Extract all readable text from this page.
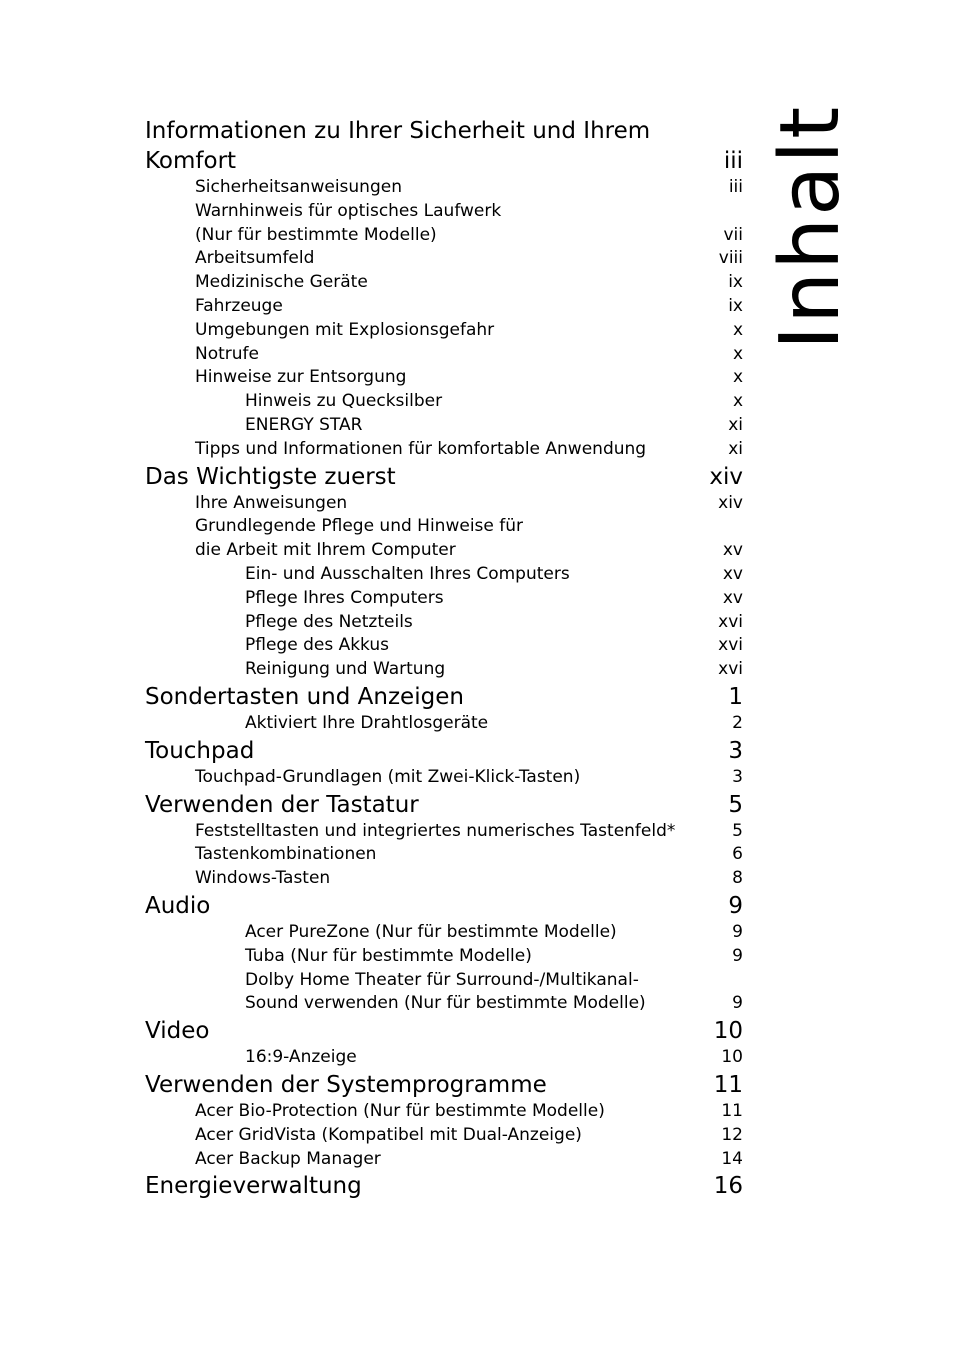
Inhalt
Informationen zu Ihrer Sicherheit und Ihrem
Komfort	iii
Sicherheitsanweisungen	iii
Warnhinweis für optisches Laufwerk
(Nur für bestimmte Modelle)	vii
Arbeitsumfeld	viii
Medizinische Geräte	ix
Fahrzeuge	ix
Umgebungen mit Explosionsgefahr	x
Notrufe	x
Hinweise zur Entsorgung	x
Hinweis zu Quecksilber	x
ENERGY STAR	xi
Tipps und Informationen für komfortable Anwendung	xi
Das Wichtigste zuerst	xiv
Ihre Anweisungen	xiv
Grundlegende Pflege und Hinweise für
die Arbeit mit Ihrem Computer	xv
Ein- und Ausschalten Ihres Computers	xv
Pflege Ihres Computers	xv
Pflege des Netzteils	xvi
Pflege des Akkus	xvi
Reinigung und Wartung	xvi
Sondertasten und Anzeigen	1
Aktiviert Ihre Drahtlosgeräte	2
Touchpad	3
Touchpad-Grundlagen (mit Zwei-Klick-Tasten)	3
Verwenden der Tastatur	5
Feststelltasten und integriertes numerisches Tastenfeld*	5
Tastenkombinationen	6
Windows-Tasten	8
Audio	9
Acer PureZone (Nur für bestimmte Modelle)	9
Tuba (Nur für bestimmte Modelle)	9
Dolby Home Theater für Surround-/Multikanal-
Sound verwenden (Nur für bestimmte Modelle)	9
Video	10
16:9-Anzeige	10
Verwenden der Systemprogramme	11
Acer Bio-Protection (Nur für bestimmte Modelle)	11
Acer GridVista (Kompatibel mit Dual-Anzeige)	12
Acer Backup Manager	14
Energieverwaltung	16
